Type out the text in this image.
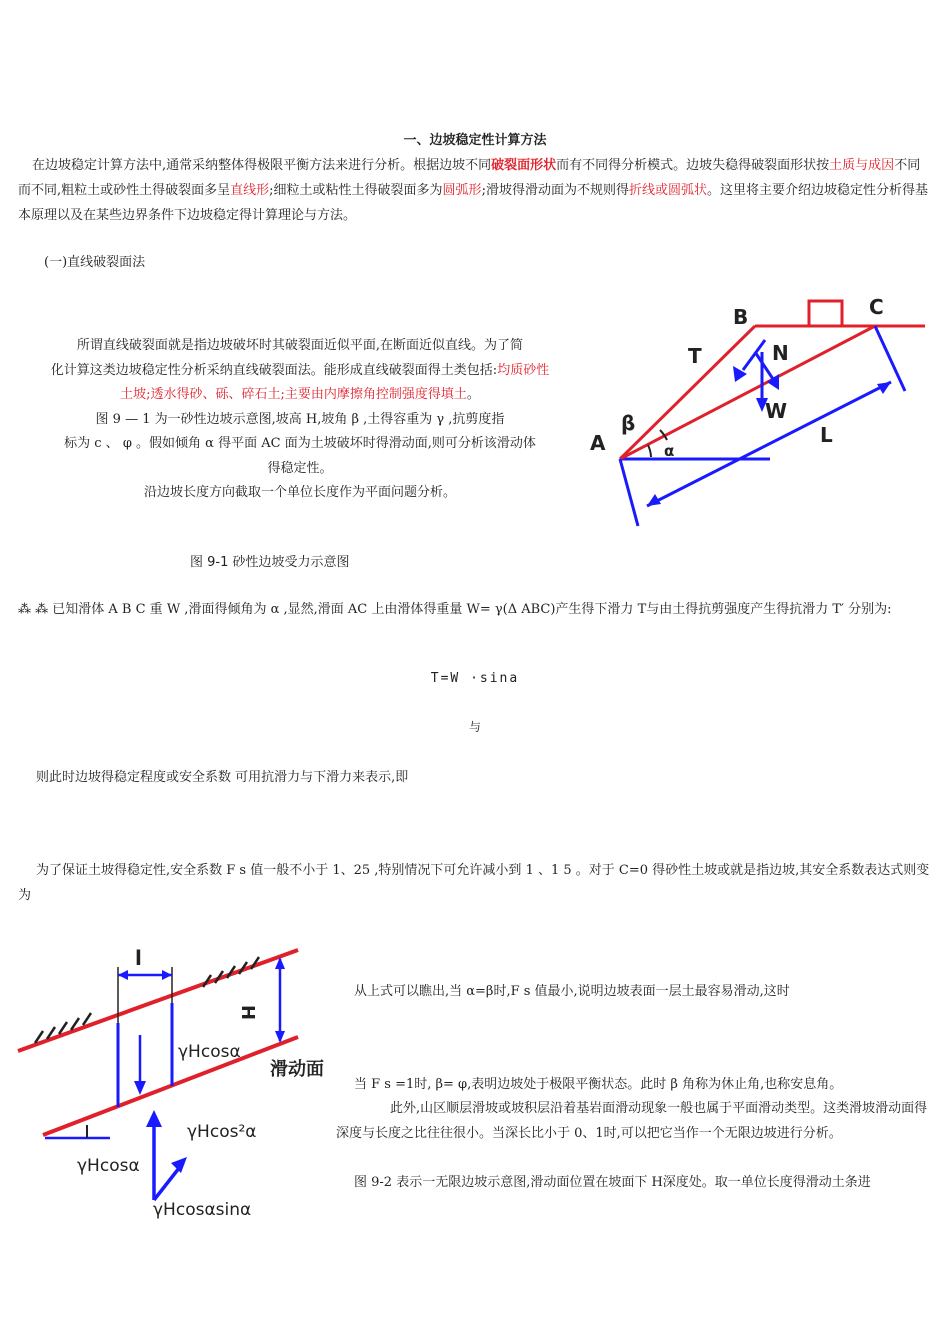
一、边坡稳定性计算方法
在边坡稳定计算方法中,通常采纳整体得极限平衡方法来进行分析。根据边坡不同破裂面形状而有不同得分析模式。边坡失稳得破裂面形状按土质与成因不同而不同,粗粒土或砂性土得破裂面多呈直线形;细粒土或粘性土得破裂面多为圆弧形;滑坡得滑动面为不规则得折线或圆弧状。这里将主要介绍边坡稳定性分析得基本原理以及在某些边界条件下边坡稳定得计算理论与方法。
(一)直线破裂面法
所谓直线破裂面就是指边坡破坏时其破裂面近似平面,在断面近似直线。为了简
化计算这类边坡稳定性分析采纳直线破裂面法。能形成直线破裂面得土类包括:均质砂性
土坡;透水得砂、砾、碎石土;主要由内摩擦角控制强度得填土。
图 9 — 1 为一砂性边坡示意图,坡高 H,坡角 β ,土得容重为 γ ,抗剪度指
标为 c 、 φ 。假如倾角 α 得平面 AC 面为土坡破坏时得滑动面,则可分析该滑动体
得稳定性。
沿边坡长度方向截取一个单位长度作为平面问题分析。
A
B	C
T	N
W
L
β
α
图 9-1 砂性边坡受力示意图
⁂ ⁂ 已知滑体 A B C 重 W ,滑面得倾角为 α ,显然,滑面 AC 上由滑体得重量 W= γ(Δ ABC)产生得下滑力 T与由土得抗剪强度产生得抗滑力 T′ 分别为:
T=W ·sina
与
则此时边坡得稳定程度或安全系数 可用抗滑力与下滑力来表示,即
为了保证土坡得稳定性,安全系数 F s 值一般不小于 1、25 ,特别情况下可允许减小到 1 、1 5 。对于 C=0 得砂性土坡或就是指边坡,其安全系数表达式则变为
l
H
γHcosα
滑动面
γHcos²α
γHcosα
γHcosαsinα
从上式可以瞧出,当 α=β时,F s 值最小,说明边坡表面一层土最容易滑动,这时
当 F s =1时, β= φ,表明边坡处于极限平衡状态。此时 β 角称为休止角,也称安息角。
此外,山区顺层滑坡或坡积层沿着基岩面滑动现象一般也属于平面滑动类型。这类滑坡滑动面得深度与长度之比往往很小。当深长比小于 0、1时,可以把它当作一个无限边坡进行分析。
图 9-2 表示一无限边坡示意图,滑动面位置在坡面下 H深度处。取一单位长度得滑动土条进
